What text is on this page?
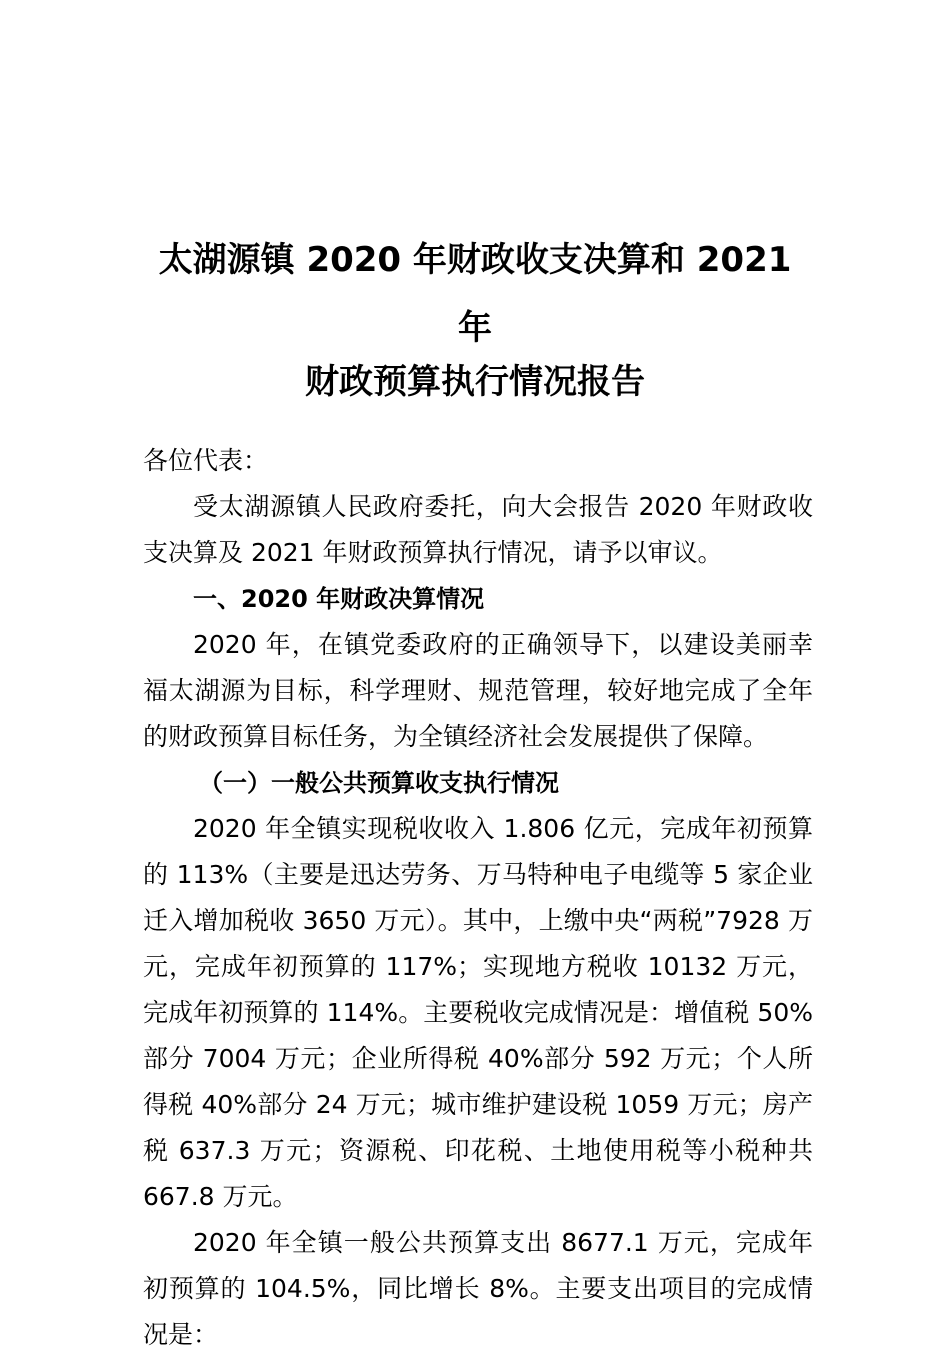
太湖源镇 2020 年财政收支决算和 2021
年
财政预算执行情况报告

各位代表：

受太湖源镇人民政府委托，向大会报告 2020 年财政收支决算及 2021 年财政预算执行情况，请予以审议。

一、2020 年财政决算情况

2020 年，在镇党委政府的正确领导下，以建设美丽幸福太湖源为目标，科学理财、规范管理，较好地完成了全年的财政预算目标任务，为全镇经济社会发展提供了保障。

（一）一般公共预算收支执行情况

2020 年全镇实现税收收入 1.806 亿元，完成年初预算的 113%（主要是迅达劳务、万马特种电子电缆等 5 家企业迁入增加税收 3650 万元）。其中，上缴中央“两税”7928 万元，完成年初预算的 117%；实现地方税收 10132 万元，完成年初预算的 114%。主要税收完成情况是：增值税 50%部分 7004 万元；企业所得税 40%部分 592 万元；个人所得税 40%部分 24 万元；城市维护建设税 1059 万元；房产税 637.3 万元；资源税、印花税、土地使用税等小税种共 667.8 万元。

2020 年全镇一般公共预算支出 8677.1 万元，完成年初预算的 104.5%，同比增长 8%。主要支出项目的完成情况是：
